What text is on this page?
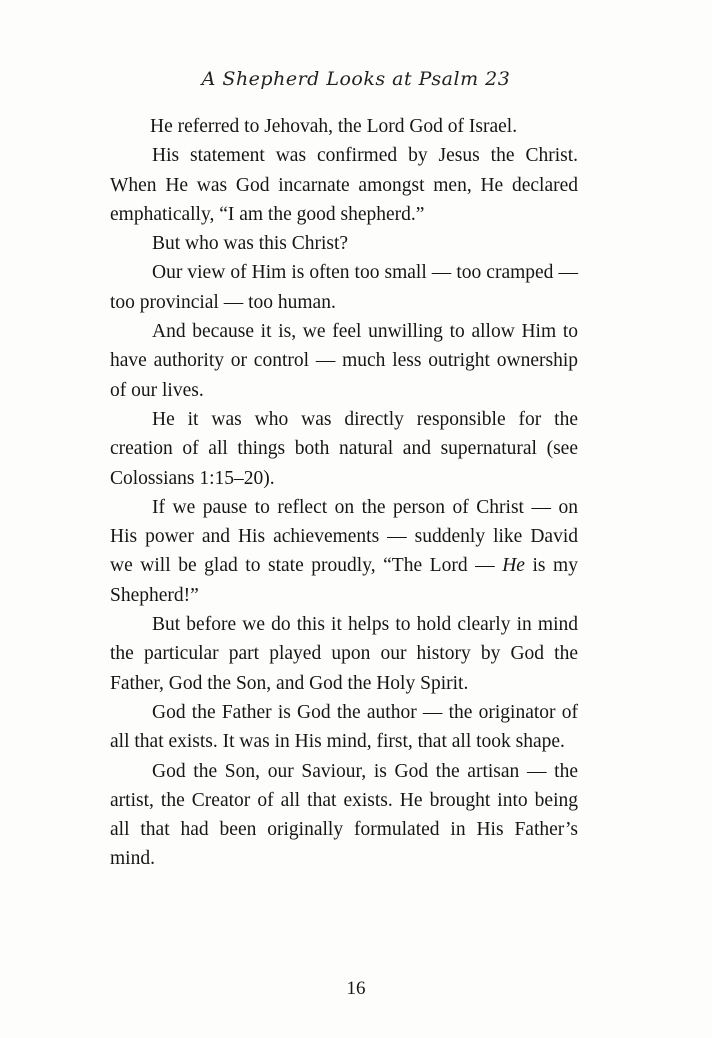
A Shepherd Looks at Psalm 23

He referred to Jehovah, the Lord God of Israel.

His statement was confirmed by Jesus the Christ. When He was God incarnate amongst men, He declared emphatically, “I am the good shepherd.”

But who was this Christ?

Our view of Him is often too small — too cramped — too provincial — too human.

And because it is, we feel unwilling to allow Him to have authority or control — much less outright ownership of our lives.

He it was who was directly responsible for the creation of all things both natural and supernatural (see Colossians 1:15–20).

If we pause to reflect on the person of Christ — on His power and His achievements — suddenly like David we will be glad to state proudly, “The Lord — He is my Shepherd!”

But before we do this it helps to hold clearly in mind the particular part played upon our history by God the Father, God the Son, and God the Holy Spirit.

God the Father is God the author — the originator of all that exists. It was in His mind, first, that all took shape.

God the Son, our Saviour, is God the artisan — the artist, the Creator of all that exists. He brought into being all that had been originally formulated in His Father’s mind.

16
